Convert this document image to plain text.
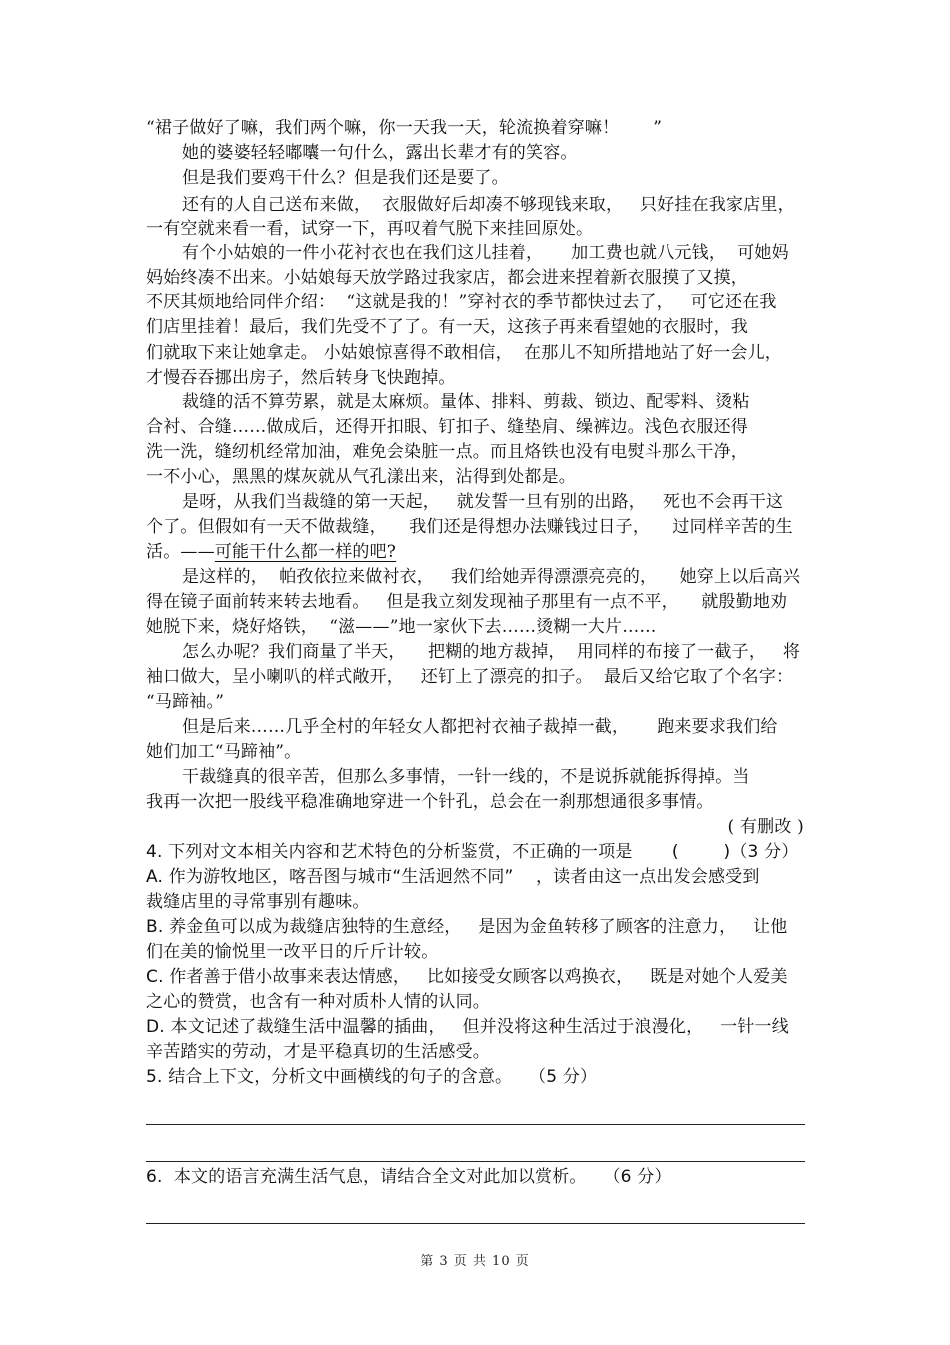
“裙子做好了嘛，我们两个嘛，你一天我一天，轮流换着穿嘛！ 　  ”
她的婆婆轻轻嘟囔一句什么，露出长辈才有的笑容。
但是我们要鸡干什么？但是我们还是要了。
还有的人自己送布来做，  衣服做好后却凑不够现钱来取，   只好挂在我家店里，
一有空就来看一看，试穿一下，再叹着气脱下来挂回原处。
有个小姑娘的一件小花衬衣也在我们这儿挂着，     加工费也就八元钱，  可她妈
妈始终凑不出来。小姑娘每天放学路过我家店，都会进来捏着新衣服摸了又摸，
不厌其烦地给同伴介绍：  “这就是我的！”穿衬衣的季节都快过去了，   可它还在我
们店里挂着！最后，我们先受不了了。有一天，这孩子再来看望她的衣服时，我
们就取下来让她拿走。 小姑娘惊喜得不敢相信，  在那儿不知所措地站了好一会儿，
才慢吞吞挪出房子，然后转身飞快跑掉。
裁缝的活不算劳累，就是太麻烦。量体、排料、剪裁、锁边、配零料、烫粘
合衬、合缝……做成后，还得开扣眼、钉扣子、缝垫肩、缲裤边。浅色衣服还得
洗一洗，缝纫机经常加油，难免会染脏一点。而且烙铁也没有电熨斗那么干净，
一不小心，黑黑的煤灰就从气孔漾出来，沾得到处都是。
是呀，从我们当裁缝的第一天起，   就发誓一旦有别的出路，   死也不会再干这
个了。但假如有一天不做裁缝，    我们还是得想办法赚钱过日子，    过同样辛苦的生
活。——可能干什么都一样的吧?
是这样的，  帕孜依拉来做衬衣，   我们给她弄得漂漂亮亮的，    她穿上以后高兴
得在镜子面前转来转去地看。   但是我立刻发现袖子那里有一点不平，    就殷勤地劝
她脱下来，烧好烙铁，  “滋——”地一家伙下去……烫糊一大片……
怎么办呢？我们商量了半天，    把糊的地方裁掉，  用同样的布接了一截子，   将
袖口做大，呈小喇叭的样式敞开，   还钉上了漂亮的扣子。  最后又给它取了个名字：
“马蹄袖。”
但是后来……几乎全村的年轻女人都把衬衣袖子裁掉一截，     跑来要求我们给
她们加工“马蹄袖”。
干裁缝真的很辛苦，但那么多事情，一针一线的，不是说拆就能拆得掉。当
我再一次把一股线平稳准确地穿进一个针孔，总会在一刹那想通很多事情。
( 有删改 )
4. 下列对文本相关内容和艺术特色的分析鉴赏，不正确的一项是       (        )（3 分）
A. 作为游牧地区，喀吾图与城市“生活迥然不同”    ，读者由这一点出发会感受到
裁缝店里的寻常事别有趣味。
B. 养金鱼可以成为裁缝店独特的生意经，   是因为金鱼转移了顾客的注意力，   让他
们在美的愉悦里一改平日的斤斤计较。
C. 作者善于借小故事来表达情感，   比如接受女顾客以鸡换衣，   既是对她个人爱美
之心的赞赏，也含有一种对质朴人情的认同。
D. 本文记述了裁缝生活中温馨的插曲，   但并没将这种生活过于浪漫化，   一针一线
辛苦踏实的劳动，才是平稳真切的生活感受。
5. 结合上下文，分析文中画横线的句子的含意。   （5 分）
6.  本文的语言充满生活气息，请结合全文对此加以赏析。   （6 分）
第 3 页 共 10 页
